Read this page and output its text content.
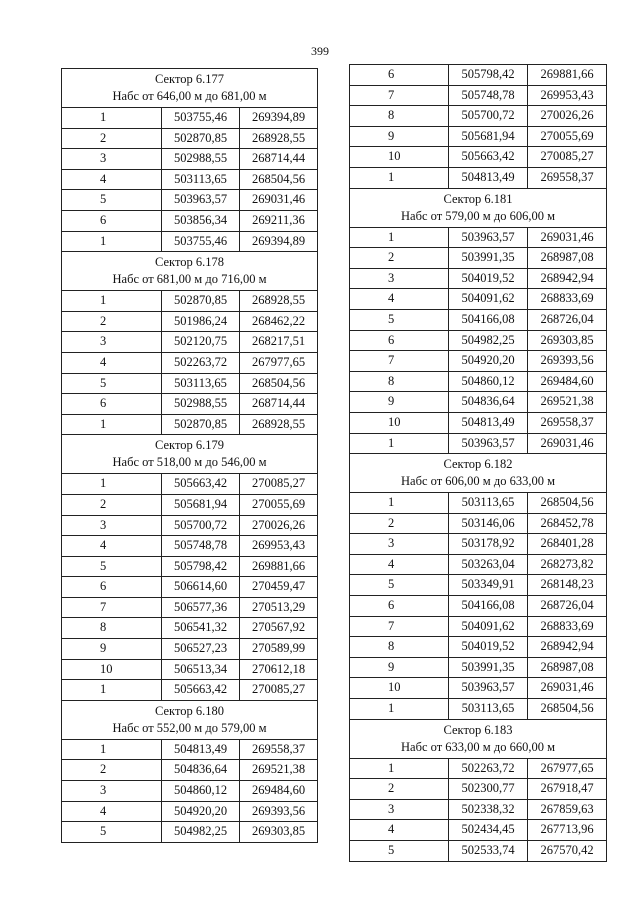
399
Сектор 6.177
Набс от 646,00 м до 681,00 м		

1	503755,46	269394,89
2	502870,85	268928,55
3	502988,55	268714,44
4	503113,65	268504,56
5	503963,57	269031,46
6	503856,34	269211,36
1	503755,46	269394,89

Сектор 6.178
Набс от 681,00 м до 716,00 м		

1	502870,85	268928,55
2	501986,24	268462,22
3	502120,75	268217,51
4	502263,72	267977,65
5	503113,65	268504,56
6	502988,55	268714,44
1	502870,85	268928,55

Сектор 6.179
Набс от 518,00 м до 546,00 м		

1	505663,42	270085,27
2	505681,94	270055,69
3	505700,72	270026,26
4	505748,78	269953,43
5	505798,42	269881,66
6	506614,60	270459,47
7	506577,36	270513,29
8	506541,32	270567,92
9	506527,23	270589,99
10	506513,34	270612,18
1	505663,42	270085,27

Сектор 6.180
Набс от 552,00 м до 579,00 м		

1	504813,49	269558,37
2	504836,64	269521,38
3	504860,12	269484,60
4	504920,20	269393,56
5	504982,25	269303,85
6	505798,42	269881,66
7	505748,78	269953,43
8	505700,72	270026,26
9	505681,94	270055,69
10	505663,42	270085,27
1	504813,49	269558,37

Сектор 6.181
Набс от 579,00 м до 606,00 м		

1	503963,57	269031,46
2	503991,35	268987,08
3	504019,52	268942,94
4	504091,62	268833,69
5	504166,08	268726,04
6	504982,25	269303,85
7	504920,20	269393,56
8	504860,12	269484,60
9	504836,64	269521,38
10	504813,49	269558,37
1	503963,57	269031,46

Сектор 6.182
Набс от 606,00 м до 633,00 м		

1	503113,65	268504,56
2	503146,06	268452,78
3	503178,92	268401,28
4	503263,04	268273,82
5	503349,91	268148,23
6	504166,08	268726,04
7	504091,62	268833,69
8	504019,52	268942,94
9	503991,35	268987,08
10	503963,57	269031,46
1	503113,65	268504,56

Сектор 6.183
Набс от 633,00 м до 660,00 м		

1	502263,72	267977,65
2	502300,77	267918,47
3	502338,32	267859,63
4	502434,45	267713,96
5	502533,74	267570,42
